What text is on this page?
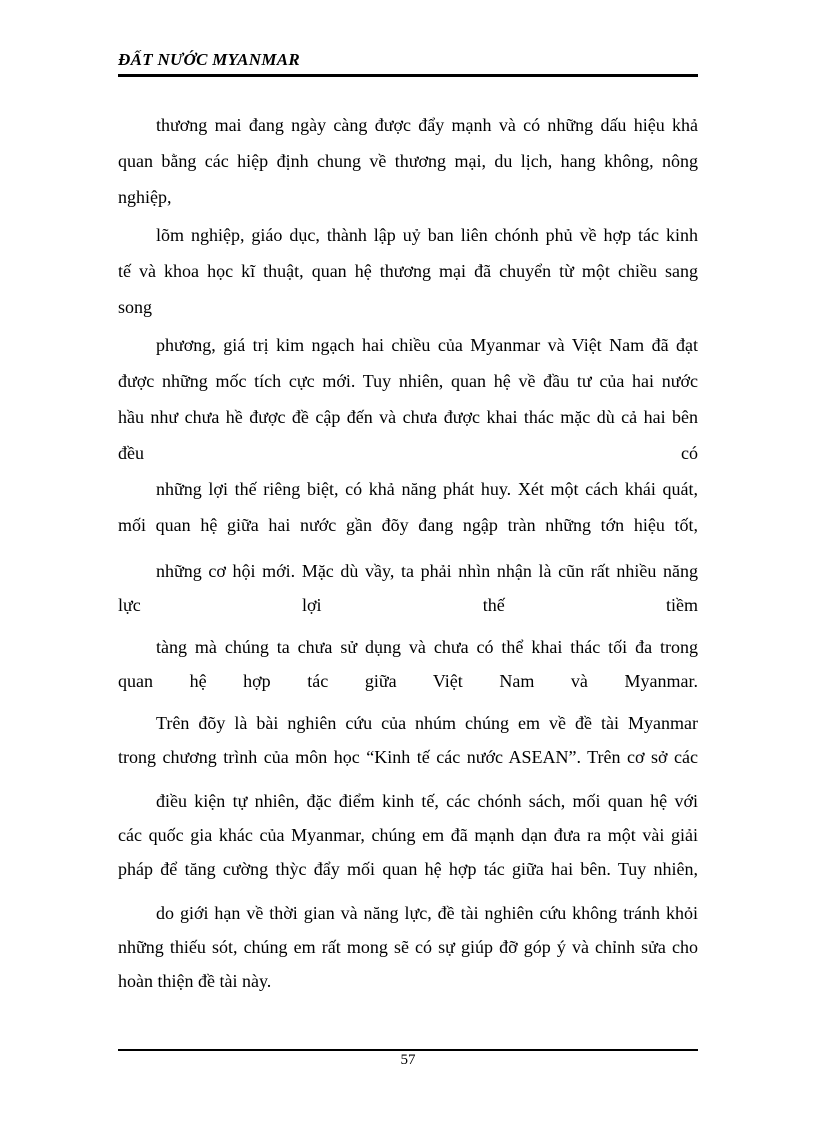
ĐẤT NƯỚC MYANMAR
thương mai đang ngày càng được đẩy mạnh và có những dấu hiệu khả
quan bằng các hiệp định chung về thương mại, du lịch, hang không, nông
nghiệp,
lõm nghiệp, giáo dục, thành lập uỷ ban liên chónh phủ về hợp tác kinh
tế và khoa học kĩ thuật, quan hệ thương mại đã chuyển từ một chiều sang
song
phương, giá trị kim ngạch hai chiều của Myanmar và Việt Nam đã đạt
được những mốc tích cực mới. Tuy nhiên, quan hệ về đầu tư của hai nước
hầu như chưa hề được đề cập đến và chưa được khai thác mặc dù cả hai bên
đều có
những lợi thế riêng biệt, có khả năng phát huy. Xét một cách khái quát,
mối quan hệ giữa hai nước gần đõy đang ngập tràn những tớn hiệu tốt,
những cơ hội mới. Mặc dù vầy, ta phải nhìn nhận là cũn rất nhiều năng
lực lợi thế tiềm
tàng mà chúng ta chưa sử dụng và chưa có thể khai thác tối đa trong
quan hệ hợp tác giữa Việt Nam và Myanmar.
Trên đõy là bài nghiên cứu của nhúm chúng em về đề tài Myanmar
trong chương trình của môn học “Kinh tế các nước ASEAN”. Trên cơ sở các
điều kiện tự nhiên, đặc điểm kinh tế, các chónh sách, mối quan hệ với
các quốc gia khác của Myanmar, chúng em đã mạnh dạn đưa ra một vài giải
pháp để tăng cường thỳc đẩy mối quan hệ hợp tác giữa hai bên. Tuy nhiên,
do giới hạn về thời gian và năng lực, đề tài nghiên cứu không tránh khỏi
những thiếu sót, chúng em rất mong sẽ có sự giúp đỡ góp ý và chỉnh sửa cho
hoàn thiện đề tài này.
57
